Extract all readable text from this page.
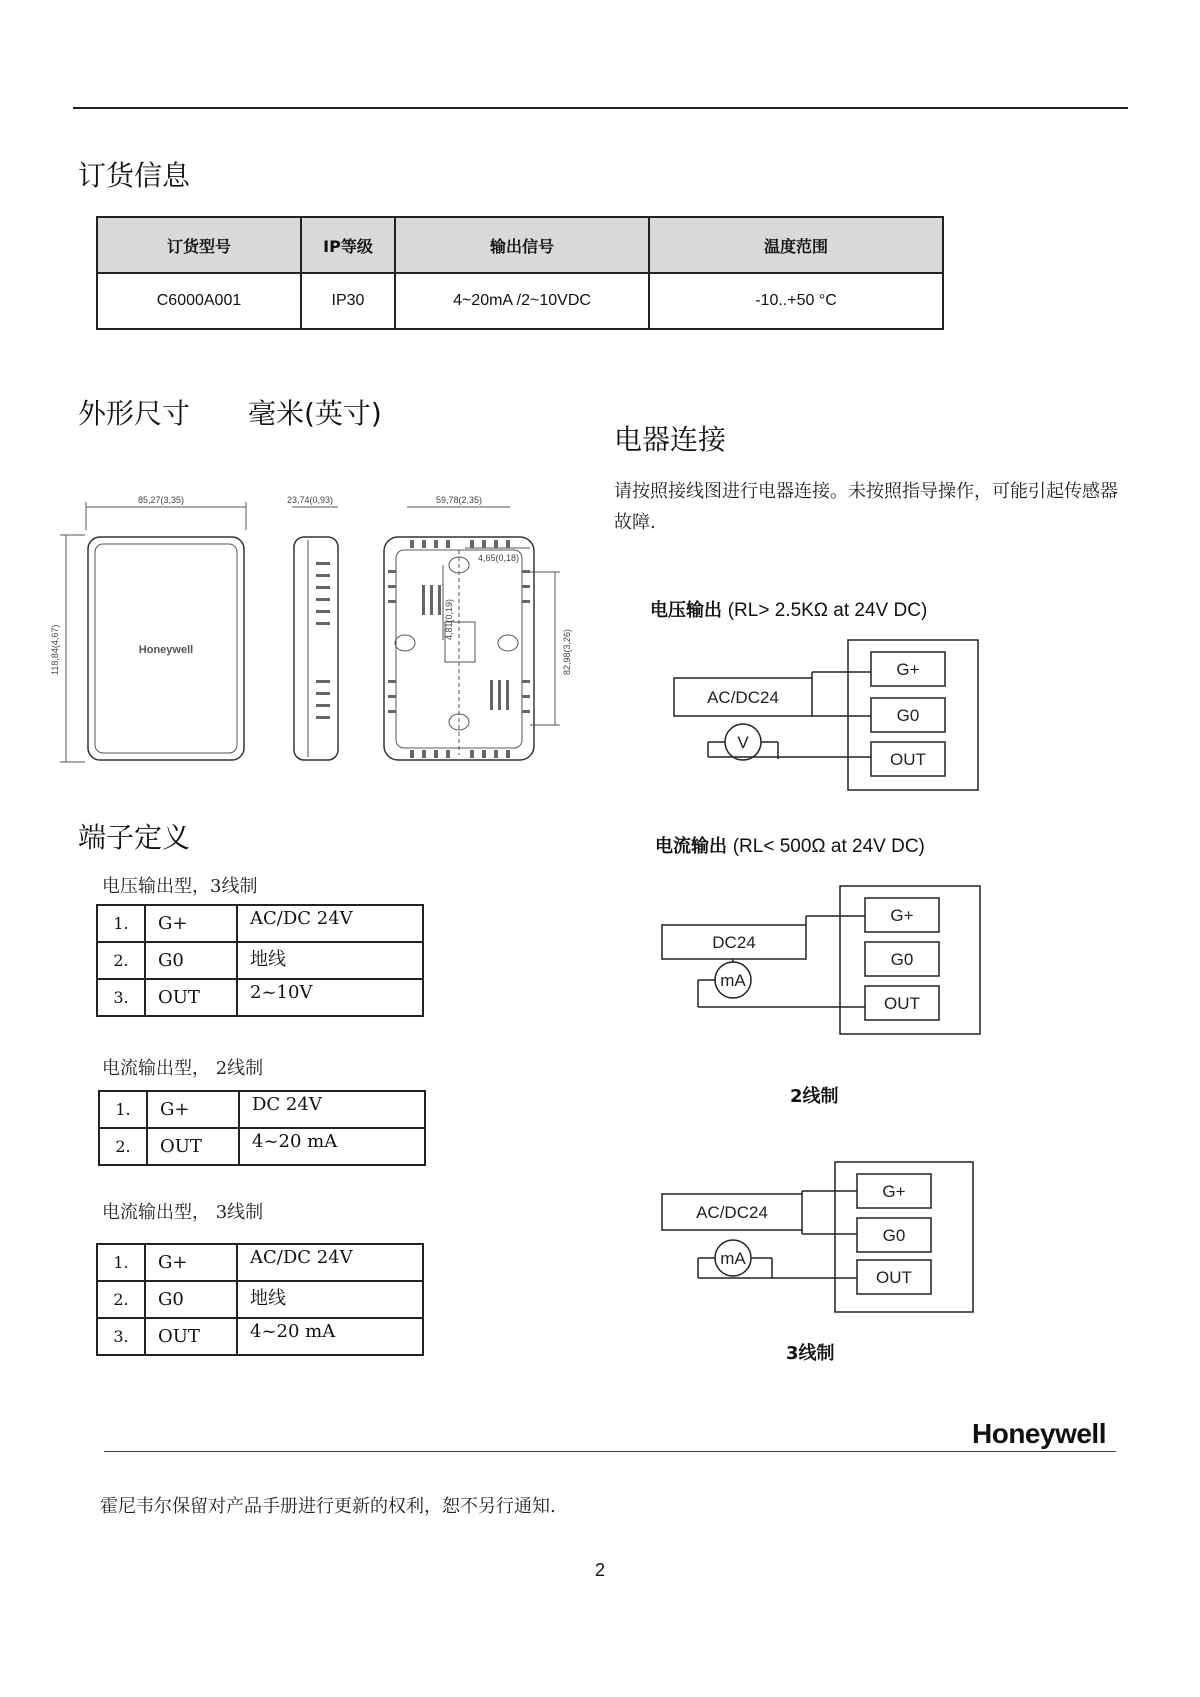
订货信息
订货型号	IP等级	输出信号	温度范围
C6000A001	IP30	4~20mA /2~10VDC	-10..+50 °C
外形尺寸 毫米(英寸)
85,27(3,35)	23,74(0,93)	59,78(2,35)
118,84(4,67)	82,98(3,26)
4,81(0,19)
4,65(0,18)
Honeywell
端子定义
电压输出型，3线制
1.	G+	AC/DC 24V
2.	G0	地线
3.	OUT	2~10V
电流输出型， 2线制
1.	G+	DC 24V
2.	OUT	4~20 mA
电流输出型， 3线制
1.	G+	AC/DC 24V
2.	G0	地线
3.	OUT	4~20 mA
电器连接
请按照接线图进行电器连接。未按照指导操作，可能引起传感器故障.
电压输出 (RL> 2.5KΩ at 24V DC)
AC/DC24
V
G+
G0
OUT
电流输出 (RL< 500Ω at 24V DC)
DC24
mA
G+
G0
OUT
2线制
AC/DC24
mA
G+
G0
OUT
3线制
Honeywell
霍尼韦尔保留对产品手册进行更新的权利，恕不另行通知.
2
